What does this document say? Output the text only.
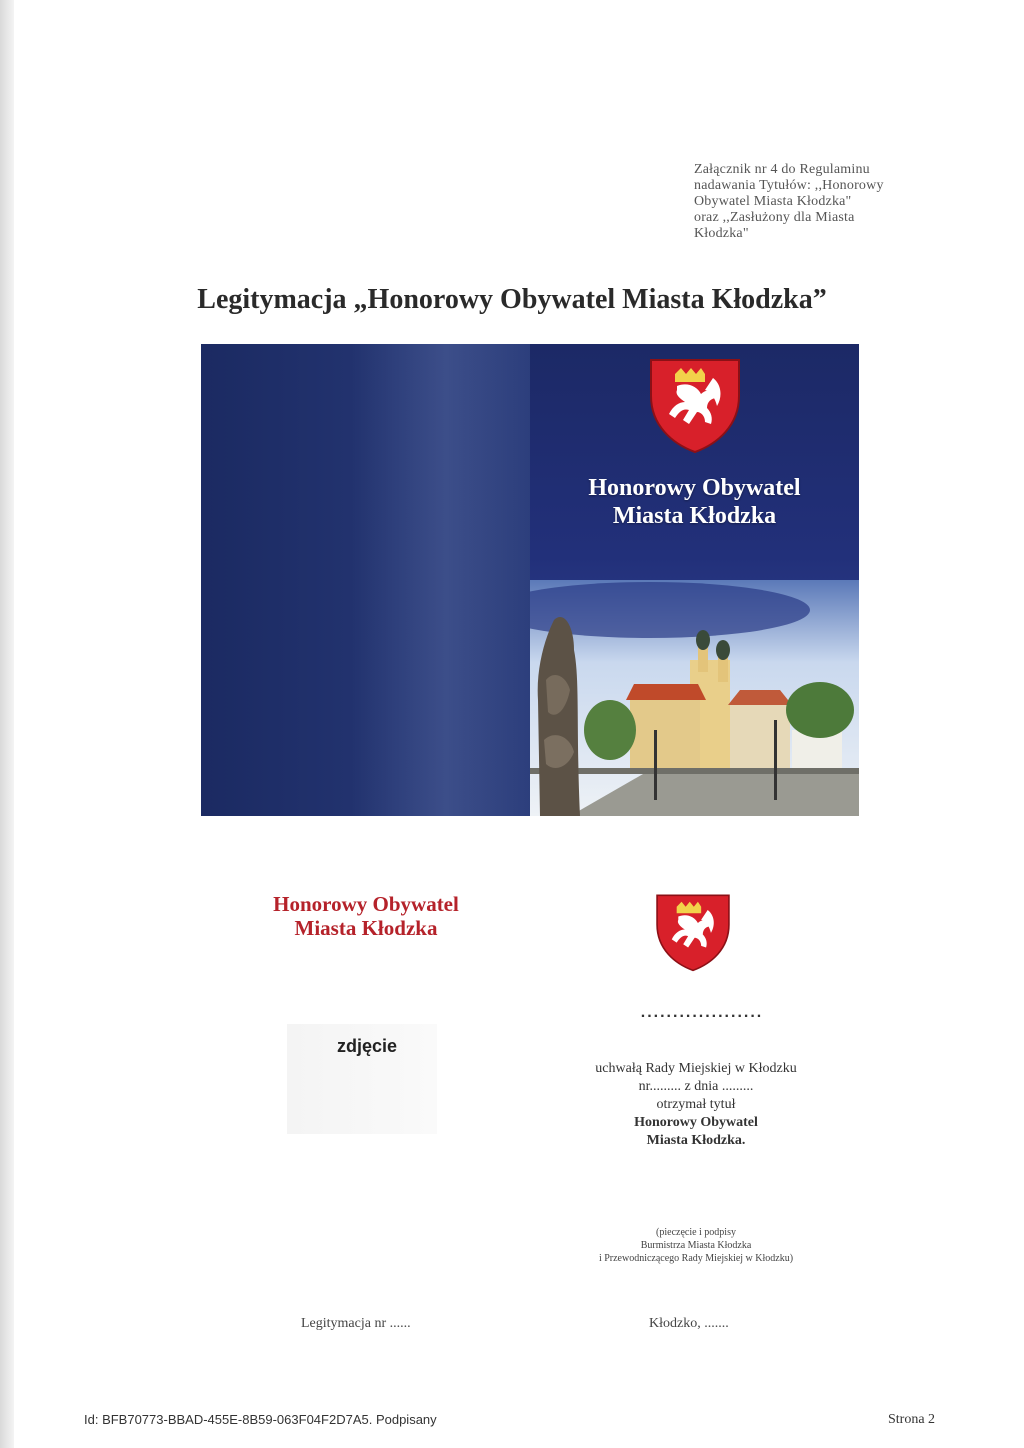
Załącznik nr 4 do Regulaminu
nadawania Tytułów: ,,Honorowy
Obywatel Miasta Kłodzka"
oraz ,,Zasłużony dla Miasta
Kłodzka"
Legitymacja „Honorowy Obywatel Miasta Kłodzka”
Honorowy Obywatel
Miasta Kłodzka
Honorowy Obywatel
Miasta Kłodzka
zdjęcie
...................
uchwałą Rady Miejskiej w Kłodzku
nr......... z dnia .........
otrzymał tytuł
Honorowy Obywatel
Miasta Kłodzka.
(pieczęcie i podpisy
Burmistrza Miasta Kłodzka
i Przewodniczącego Rady Miejskiej w Kłodzku)
Legitymacja nr ......	Kłodzko, .......
Id: BFB70773-BBAD-455E-8B59-063F04F2D7A5. Podpisany	Strona 2
